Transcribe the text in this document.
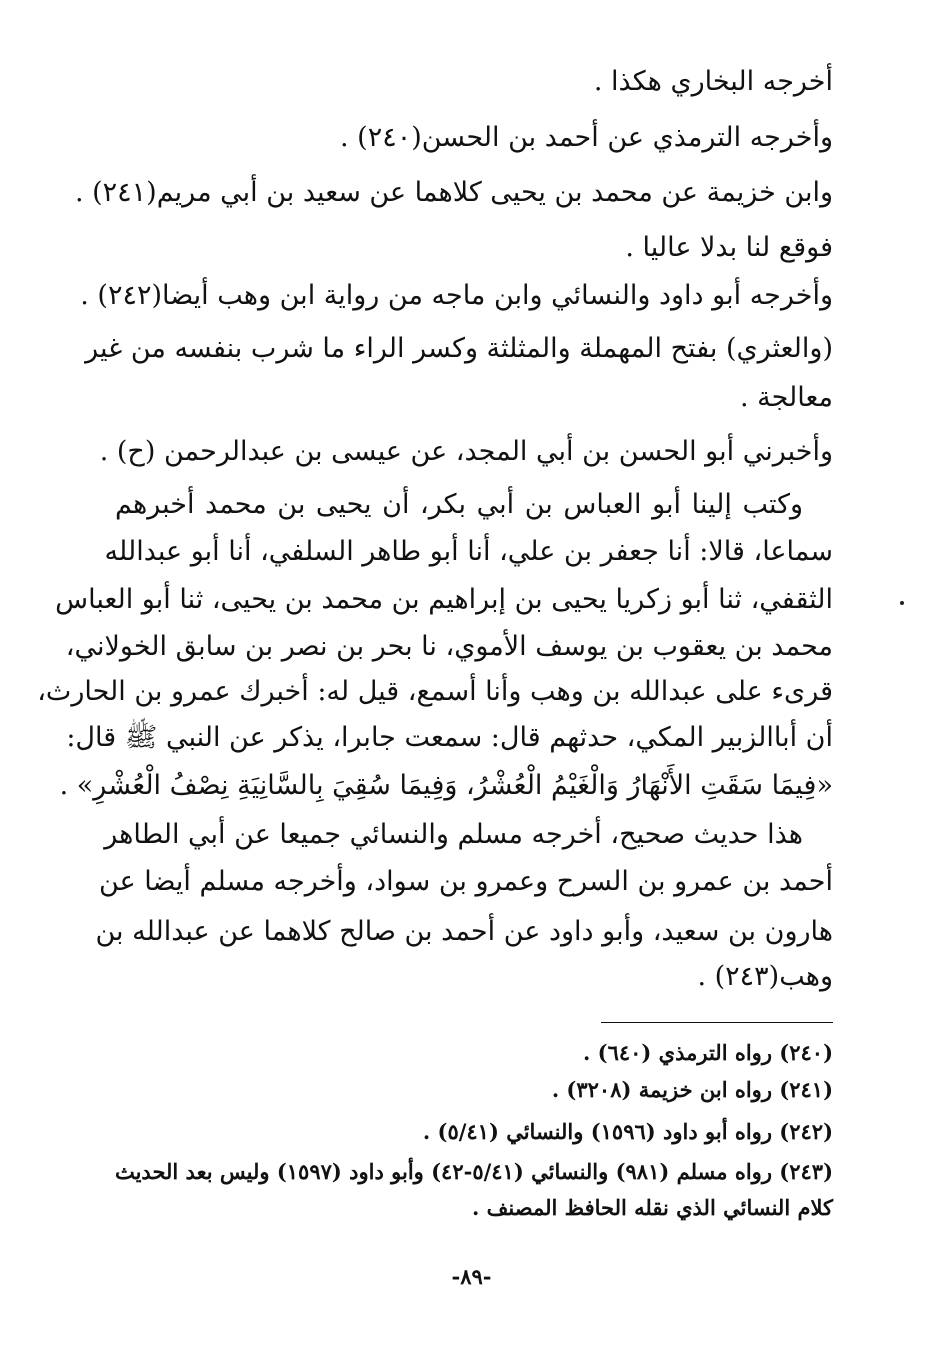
أخرجه البخاري هكذا .
وأخرجه الترمذي عن أحمد بن الحسن(٢٤٠) .
وابن خزيمة عن محمد بن يحيى كلاهما عن سعيد بن أبي مريم(٢٤١) .
فوقع لنا بدلا عاليا .
وأخرجه أبو داود والنسائي وابن ماجه من رواية ابن وهب أيضا(٢٤٢) .
(والعثري) بفتح المهملة والمثلثة وكسر الراء ما شرب بنفسه من غير
معالجة .
وأخبرني أبو الحسن بن أبي المجد، عن عيسى بن عبدالرحمن (ح) .
وكتب إلينا أبو العباس بن أبي بكر، أن يحيى بن محمد أخبرهم
سماعا، قالا: أنا جعفر بن علي، أنا أبو طاهر السلفي، أنا أبو عبدالله
الثقفي، ثنا أبو زكريا يحيى بن إبراهيم بن محمد بن يحيى، ثنا أبو العباس
محمد بن يعقوب بن يوسف الأموي، نا بحر بن نصر بن سابق الخولاني،
قرىء على عبدالله بن وهب وأنا أسمع، قيل له: أخبرك عمرو بن الحارث،
أن أباالزبير المكي، حدثهم قال: سمعت جابرا، يذكر عن النبي ﷺ قال:
«فِيمَا سَقَتِ الأَنْهَارُ وَالْغَيْمُ الْعُشْرُ، وَفِيمَا سُقِيَ بِالسَّانِيَةِ نِصْفُ الْعُشْرِ» .
هذا حديث صحيح، أخرجه مسلم والنسائي جميعا عن أبي الطاهر
أحمد بن عمرو بن السرح وعمرو بن سواد، وأخرجه مسلم أيضا عن
هارون بن سعيد، وأبو داود عن أحمد بن صالح كلاهما عن عبدالله بن
وهب(٢٤٣) .
(٢٤٠) رواه الترمذي (٦٤٠) .
(٢٤١) رواه ابن خزيمة (٣٢٠٨) .
(٢٤٢) رواه أبو داود (١٥٩٦) والنسائي (٥/٤١) .
(٢٤٣) رواه مسلم (٩٨١) والنسائي (٥/٤١-٤٢) وأبو داود (١٥٩٧) وليس بعد الحديث
كلام النسائي الذي نقله الحافظ المصنف .
-٨٩-
